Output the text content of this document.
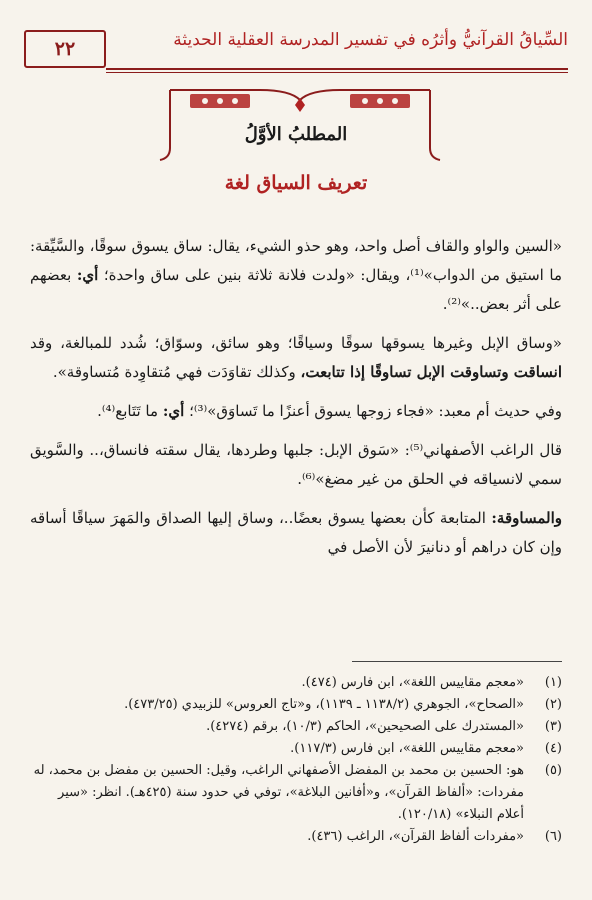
السِّياقُ القرآنيُّ وأثرُه في تفسير المدرسة العقلية الحديثة
٢٢
المطلبُ الأوَّلُ
تعريف السياق لغة

«السين والواو والقاف أصل واحد، وهو حذو الشيء، يقال: ساق يسوق سوقًا، والسَّيِّقة: ما استيق من الدواب»⁽¹⁾، ويقال: «ولدت فلانة ثلاثة بنين على ساق واحدة؛ أي: بعضهم على أثر بعض..»⁽²⁾.

«وساق الإبل وغيرها يسوقها سوقًا وسياقًا؛ وهو سائق، وسوّاق؛ شُدد للمبالغة، وقد انساقت وتساوقت الإبل تساوقًا إذا تتابعت، وكذلك تقاوَدَت فهي مُتقاوِدة مُتساوقة».

وفي حديث أم معبد: «فجاء زوجها يسوق أعنزًا ما تَساوَق»⁽³⁾؛ أي: ما تَتَابع⁽⁴⁾.

قال الراغب الأصفهاني⁽⁵⁾: «سَوق الإبل: جلبها وطردها، يقال سقته فانساق،.. والسَّويق سمي لانسياقه في الحلق من غير مضغ»⁽⁶⁾.

والمساوقة: المتابعة كأن بعضها يسوق بعضًا..، وساق إليها الصداق والمَهرَ سياقًا أساقه وإن كان دراهم أو دنانيرَ لأن الأصل في

(١)
«معجم مقاييس اللغة»، ابن فارس (٤٧٤).
(٢)
«الصحاح»، الجوهري (١١٣٨/٢ ـ ١١٣٩)، و«تاج العروس» للزبيدي (٤٧٣/٢٥).
(٣)
«المستدرك على الصحيحين»، الحاكم (١٠/٣)، برقم (٤٢٧٤).
(٤)
«معجم مقاييس اللغة»، ابن فارس (١١٧/٣).
(٥)
هو: الحسين بن محمد بن المفضل الأصفهاني الراغب، وقيل: الحسين بن مفضل بن محمد، له مفردات: «ألفاظ القرآن»، و«أفانين البلاغة»، توفي في حدود سنة (٤٢٥هـ). انظر: «سير أعلام النبلاء» (١٢٠/١٨).
(٦)
«مفردات ألفاظ القرآن»، الراغب (٤٣٦).
